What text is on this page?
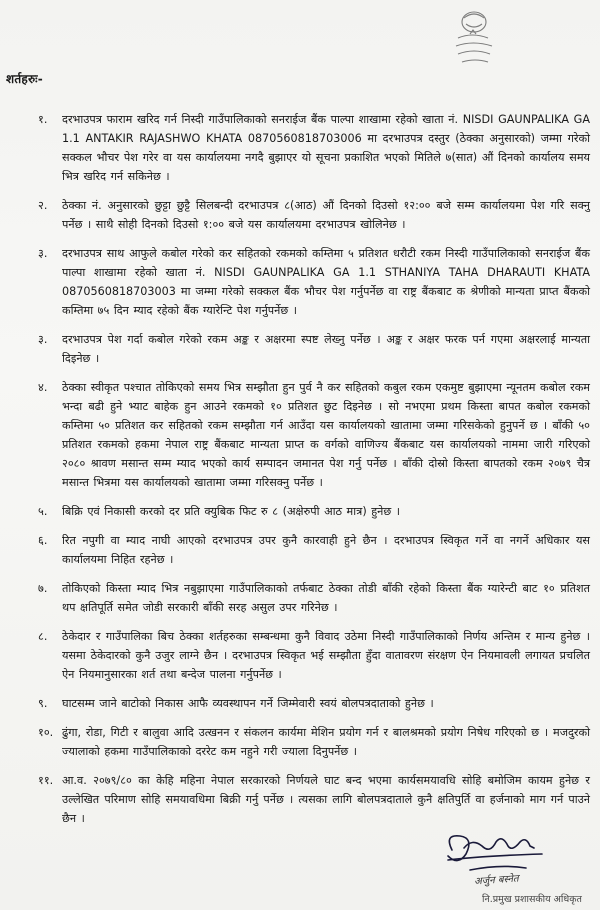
शर्तहरुः-
१.	दरभाउपत्र फाराम खरिद गर्न निस्दी गाउँपालिकाको सनराईज बैंक पाल्पा शाखामा रहेको खाता नं. NISDI GAUNPALIKA GA 1.1 ANTAKIR RAJASHWO KHATA 0870560818703006 मा दरभाउपत्र दस्तुर (ठेक्का अनुसारको) जम्मा गरेको सक्कल भौचर पेश गरेर वा यस कार्यालयमा नगदै बुझाएर यो सूचना प्रकाशित भएको मितिले ७(सात) औं दिनको कार्यालय समय भित्र खरिद गर्न सकिनेछ ।
२.	ठेक्का नं. अनुसारको छुट्टा छुट्टै सिलबन्दी दरभाउपत्र ८(आठ) औं दिनको दिउसो १२:०० बजे सम्म कार्यालयमा पेश गरि सक्नु पर्नेछ । साथै सोही दिनको दिउसो १:०० बजे यस कार्यालयमा दरभाउपत्र खोलिनेछ ।
३.	दरभाउपत्र साथ आफुले कबोल गरेको कर सहितको रकमको कम्तिमा ५ प्रतिशत धरौटी रकम निस्दी गाउँपालिकाको सनराईज बैंक पाल्पा शाखामा रहेको खाता नं. NISDI GAUNPALIKA GA 1.1 STHANIYA TAHA DHARAUTI KHATA 0870560818703003 मा जम्मा गरेको सक्कल बैंक भौचर पेश गर्नुपर्नेछ वा राष्ट्र बैंकबाट क श्रेणीको मान्यता प्राप्त बैंकको कम्तिमा ७५ दिन म्याद रहेको बैंक ग्यारेन्टि पेश गर्नुपर्नेछ ।
३.	दरभाउपत्र पेश गर्दा कबोल गरेको रकम अङ्क र अक्षरमा स्पष्ट लेख्नु पर्नेछ । अङ्क र अक्षर फरक पर्न गएमा अक्षरलाई मान्यता दिइनेछ ।
४.	ठेक्का स्वीकृत पश्चात तोकिएको समय भित्र सम्झौता हुन पुर्व नै कर सहितको कबुल रकम एकमुष्ट बुझाएमा न्यूनतम कबोल रकम भन्दा बढी हुने भ्याट बाहेक हुन आउने रकमको १० प्रतिशत छुट दिइनेछ । सो नभएमा प्रथम किस्ता बापत कबोल रकमको कम्तिमा ५० प्रतिशत कर सहितको रकम सम्झौता गर्न आउँदा यस कार्यालयको खातामा जम्मा गरिसकेको हुनुपर्ने छ । बाँकी ५० प्रतिशत रकमको हकमा नेपाल राष्ट्र बैंकबाट मान्यता प्राप्त क वर्गको वाणिज्य बैंकबाट यस कार्यालयको नाममा जारी गरिएको २०८० श्रावण मसान्त सम्म म्याद भएको कार्य सम्पादन जमानत पेश गर्नु पर्नेछ । बाँकी दोस्रो किस्ता बापतको रकम २०७९ चैत्र मसान्त भित्रमा यस कार्यालयको खातामा जम्मा गरिसक्नु पर्नेछ ।
५.	बिक्रि एवं निकासी करको दर प्रति क्युबिक फिट रु ८ (अक्षेरुपी आठ मात्र) हुनेछ ।
६.	रित नपुगी वा म्याद नाघी आएको दरभाउपत्र उपर कुनै कारवाही हुने छैन । दरभाउपत्र स्विकृत गर्ने वा नगर्ने अधिकार यस कार्यालयमा निहित रहनेछ ।
७.	तोकिएको किस्ता म्याद भित्र नबुझाएमा गाउँपालिकाको तर्फबाट ठेक्का तोडी बाँकी रहेको किस्ता बैंक ग्यारेन्टी बाट १० प्रतिशत थप क्षतिपूर्ति समेत जोडी सरकारी बाँकी सरह असुल उपर गरिनेछ ।
८.	ठेकेदार र गाउँपालिका बिच ठेक्का शर्तहरुका सम्बन्धमा कुनै विवाद उठेमा निस्दी गाउँपालिकाको निर्णय अन्तिम र मान्य हुनेछ । यसमा ठेकेदारको कुनै उजुर लाग्ने छैन । दरभाउपत्र स्विकृत भई सम्झौता हुँदा वातावरण संरक्षण ऐन नियमावली लगायत प्रचलित ऐन नियमानुसारका शर्त तथा बन्देज पालना गर्नुपर्नेछ ।
९.	घाटसम्म जाने बाटोको निकास आफै व्यवस्थापन गर्ने जिम्मेवारी स्वयं बोलपत्रदाताको हुनेछ ।
१०. ढुंगा, रोडा, गिटी र बालुवा आदि उत्खनन र संकलन कार्यमा मेशिन प्रयोग गर्न र बालश्रमको प्रयोग निषेध गरिएको छ । मजदुरको ज्यालाको हकमा गाउँपालिकाको दररेट कम नहुने गरी ज्याला दिनुपर्नेछ ।
११. आ.व. २०७९/८० का केहि महिना नेपाल सरकारको निर्णयले घाट बन्द भएमा कार्यसमयावधि सोहि बमोजिम कायम हुनेछ र उल्लेखित परिमाण सोहि समयावधिमा बिक्री गर्नु पर्नेछ । त्यसका लागि बोलपत्रदाताले कुनै क्षतिपुर्ति वा हर्जनाको माग गर्न पाउने छैन ।
अर्जुन बस्नेत
नि.प्रमुख प्रशासकीय अधिकृत
